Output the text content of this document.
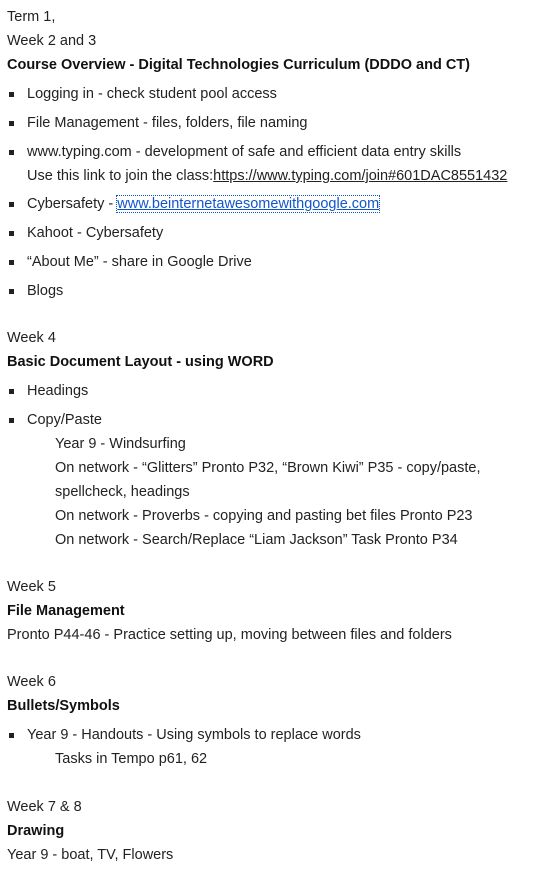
Term 1,
Week 2 and 3
Course Overview - Digital Technologies Curriculum (DDDO and CT)
Logging in - check student pool access
File Management - files, folders, file naming
www.typing.com - development of safe and efficient data entry skills
Use this link to join the class:https://www.typing.com/join#601DAC8551432
Cybersafety - www.beinternetawesomewithgoogle.com
Kahoot - Cybersafety
“About Me” - share in Google Drive
Blogs
Week 4
Basic Document Layout - using WORD
Headings
Copy/Paste
Year 9 - Windsurfing
On network - “Glitters” Pronto P32, “Brown Kiwi” P35 - copy/paste,
spellcheck, headings
On network - Proverbs - copying and pasting bet files Pronto P23
On network - Search/Replace “Liam Jackson” Task Pronto P34
Week 5
File Management
Pronto P44-46 - Practice setting up, moving between files and folders
Week 6
Bullets/Symbols
Year 9 - Handouts - Using symbols to replace words
Tasks in Tempo p61, 62
Week 7 & 8
Drawing
Year 9 - boat, TV, Flowers
